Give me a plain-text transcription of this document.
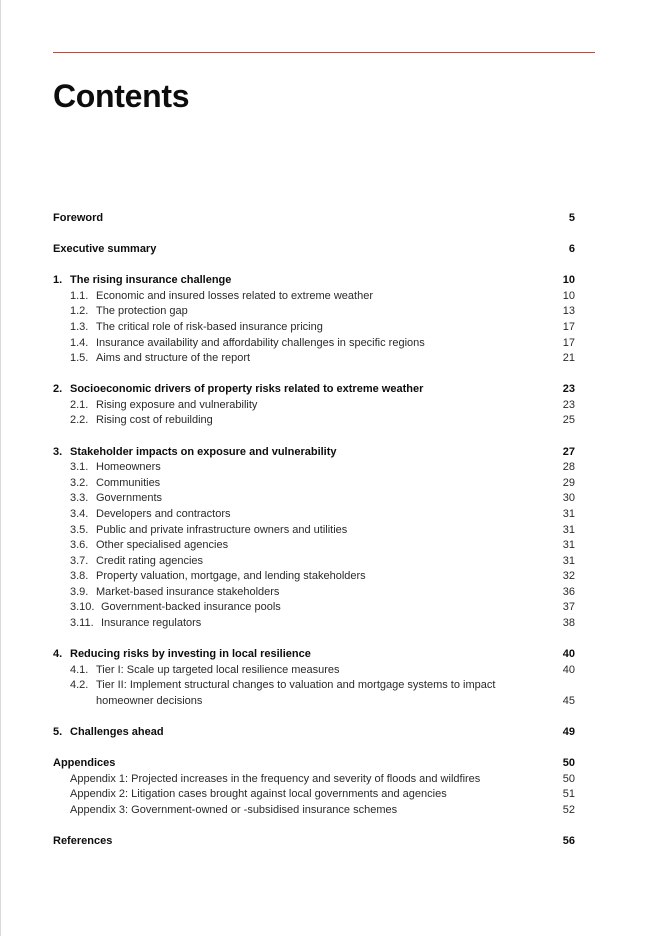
Contents
Foreword	5
Executive summary	6
1. The rising insurance challenge	10
1.1. Economic and insured losses related to extreme weather	10
1.2. The protection gap	13
1.3. The critical role of risk-based insurance pricing	17
1.4. Insurance availability and affordability challenges in specific regions	17
1.5. Aims and structure of the report	21
2. Socioeconomic drivers of property risks related to extreme weather	23
2.1. Rising exposure and vulnerability	23
2.2. Rising cost of rebuilding	25
3. Stakeholder impacts on exposure and vulnerability	27
3.1. Homeowners	28
3.2. Communities	29
3.3. Governments	30
3.4. Developers and contractors	31
3.5. Public and private infrastructure owners and utilities	31
3.6. Other specialised agencies	31
3.7. Credit rating agencies	31
3.8. Property valuation, mortgage, and lending stakeholders	32
3.9. Market-based insurance stakeholders	36
3.10. Government-backed insurance pools	37
3.11. Insurance regulators	38
4. Reducing risks by investing in local resilience	40
4.1. Tier I: Scale up targeted local resilience measures	40
4.2. Tier II: Implement structural changes to valuation and mortgage systems to impact homeowner decisions	45
5. Challenges ahead	49
Appendices	50
Appendix 1: Projected increases in the frequency and severity of floods and wildfires	50
Appendix 2: Litigation cases brought against local governments and agencies	51
Appendix 3: Government-owned or -subsidised insurance schemes	52
References	56
